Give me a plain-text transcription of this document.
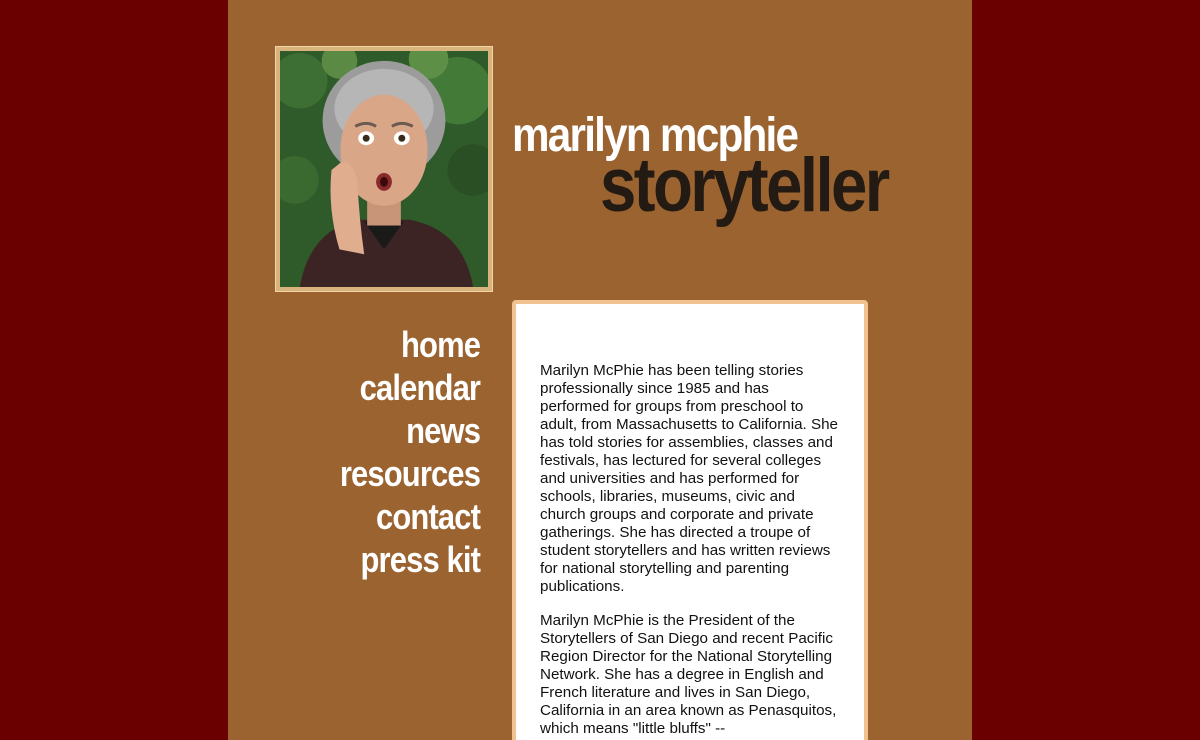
marilyn mcphie
storyteller
home
calendar
news
resources
contact
press kit

Marilyn McPhie has been telling stories professionally since 1985 and has performed for groups from preschool to adult, from Massachusetts to California. She has told stories for assemblies, classes and festivals, has lectured for several colleges and universities and has performed for schools, libraries, museums, civic and church groups and corporate and private gatherings. She has directed a troupe of student storytellers and has written reviews for national storytelling and parenting publications.

Marilyn McPhie is the President of the Storytellers of San Diego and recent Pacific Region Director for the National Storytelling Network. She has a degree in English and French literature and lives in San Diego, California in an area known as Penasquitos, which means "little bluffs" --
